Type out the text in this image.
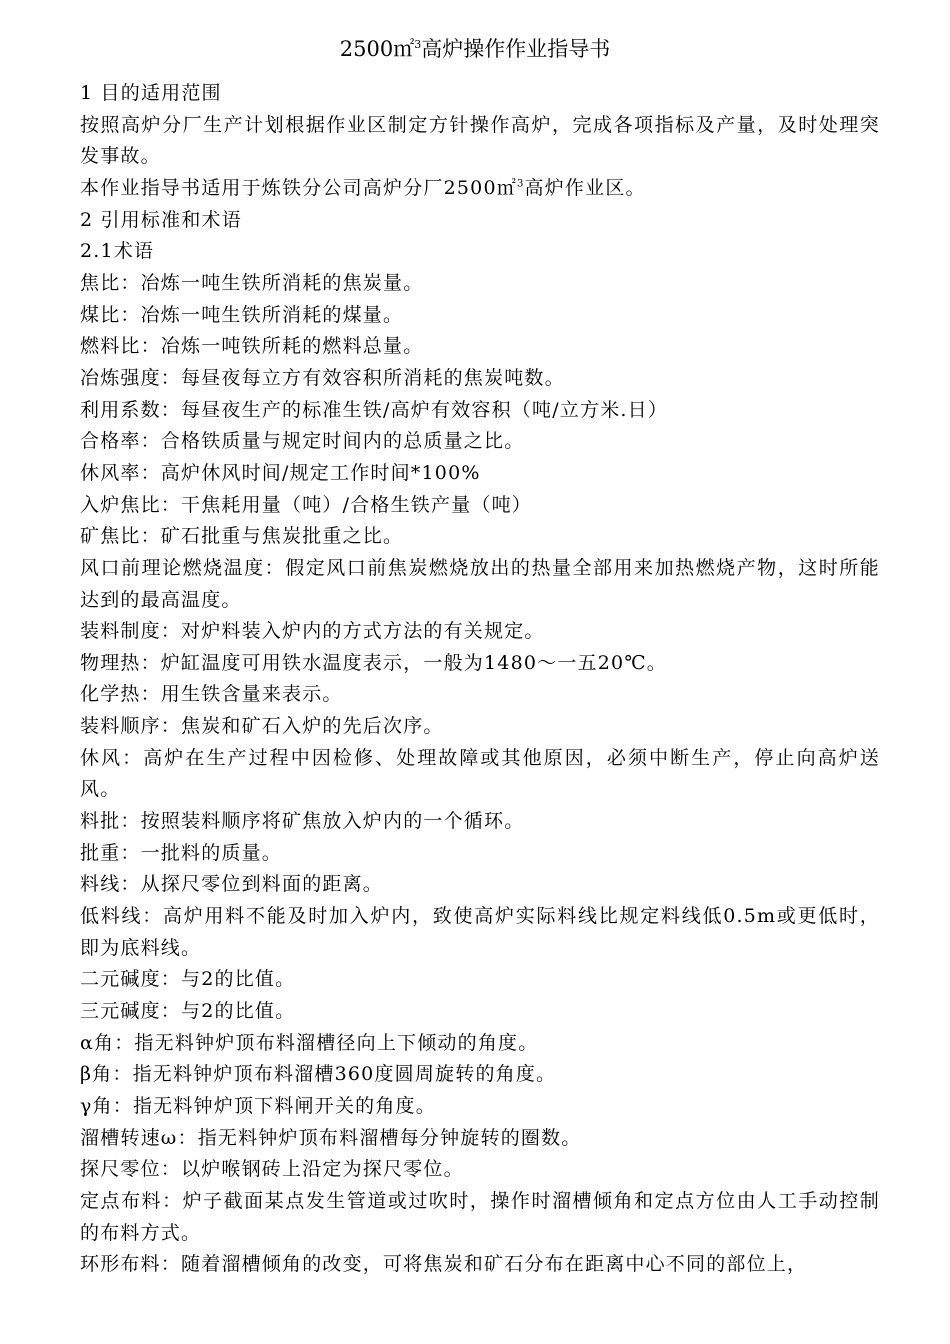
2500㎡$^3$高炉操作作业指导书

1 目的适用范围

按照高炉分厂生产计划根据作业区制定方针操作高炉，完成各项指标及产量，及时处理突发事故。

本作业指导书适用于炼铁分公司高炉分厂2500㎡$^3$高炉作业区。

2 引用标准和术语

2.1术语

焦比：冶炼一吨生铁所消耗的焦炭量。

煤比：冶炼一吨生铁所消耗的煤量。

燃料比：冶炼一吨铁所耗的燃料总量。

冶炼强度：每昼夜每立方有效容积所消耗的焦炭吨数。

利用系数：每昼夜生产的标准生铁/高炉有效容积（吨/立方米.日）

合格率：合格铁质量与规定时间内的总质量之比。

休风率：高炉休风时间/规定工作时间*100%

入炉焦比：干焦耗用量（吨）/合格生铁产量（吨）

矿焦比：矿石批重与焦炭批重之比。

风口前理论燃烧温度：假定风口前焦炭燃烧放出的热量全部用来加热燃烧产物，这时所能达到的最高温度。

装料制度：对炉料装入炉内的方式方法的有关规定。

物理热：炉缸温度可用铁水温度表示，一般为1480～一五20℃。

化学热：用生铁含量来表示。

装料顺序：焦炭和矿石入炉的先后次序。

休风：高炉在生产过程中因检修、处理故障或其他原因，必须中断生产，停止向高炉送风。

料批：按照装料顺序将矿焦放入炉内的一个循环。

批重：一批料的质量。

料线：从探尺零位到料面的距离。

低料线：高炉用料不能及时加入炉内，致使高炉实际料线比规定料线低0.5m或更低时，即为底料线。

二元碱度：与2的比值。

三元碱度：与2的比值。

α角：指无料钟炉顶布料溜槽径向上下倾动的角度。

β角：指无料钟炉顶布料溜槽360度圆周旋转的角度。

γ角：指无料钟炉顶下料闸开关的角度。

溜槽转速ω：指无料钟炉顶布料溜槽每分钟旋转的圈数。

探尺零位：以炉喉钢砖上沿定为探尺零位。

定点布料：炉子截面某点发生管道或过吹时，操作时溜槽倾角和定点方位由人工手动控制的布料方式。

环形布料：随着溜槽倾角的改变，可将焦炭和矿石分布在距离中心不同的部位上，
